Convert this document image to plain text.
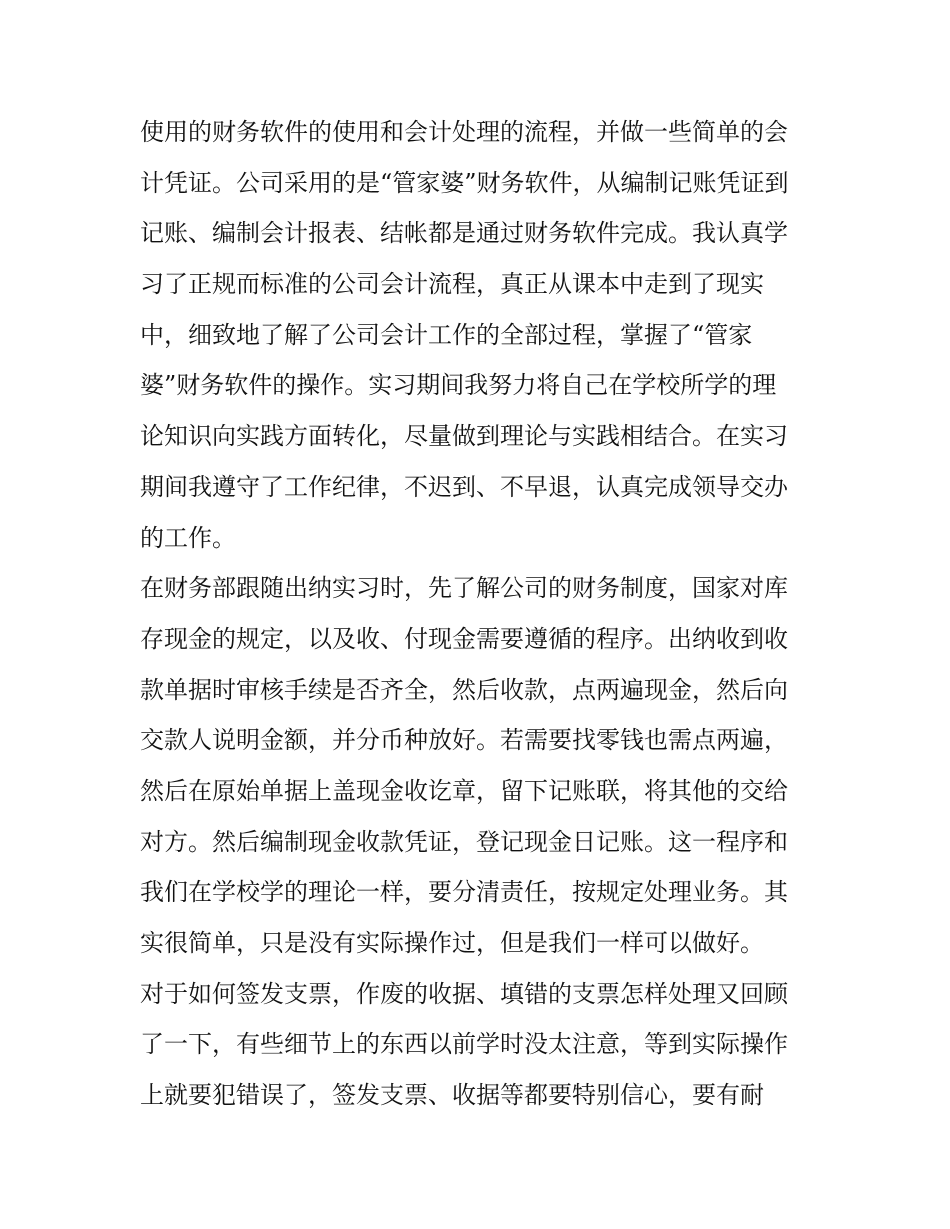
使用的财务软件的使用和会计处理的流程，并做一些简单的会
计凭证。公司采用的是“管家婆”财务软件，从编制记账凭证到
记账、编制会计报表、结帐都是通过财务软件完成。我认真学
习了正规而标准的公司会计流程，真正从课本中走到了现实
中，细致地了解了公司会计工作的全部过程，掌握了“管家
婆”财务软件的操作。实习期间我努力将自己在学校所学的理
论知识向实践方面转化，尽量做到理论与实践相结合。在实习
期间我遵守了工作纪律，不迟到、不早退，认真完成领导交办
的工作。
在财务部跟随出纳实习时，先了解公司的财务制度，国家对库
存现金的规定，以及收、付现金需要遵循的程序。出纳收到收
款单据时审核手续是否齐全，然后收款，点两遍现金，然后向
交款人说明金额，并分币种放好。若需要找零钱也需点两遍，
然后在原始单据上盖现金收讫章，留下记账联，将其他的交给
对方。然后编制现金收款凭证，登记现金日记账。这一程序和
我们在学校学的理论一样，要分清责任，按规定处理业务。其
实很简单，只是没有实际操作过，但是我们一样可以做好。
对于如何签发支票，作废的收据、填错的支票怎样处理又回顾
了一下，有些细节上的东西以前学时没太注意，等到实际操作
上就要犯错误了，签发支票、收据等都要特别信心，要有耐
